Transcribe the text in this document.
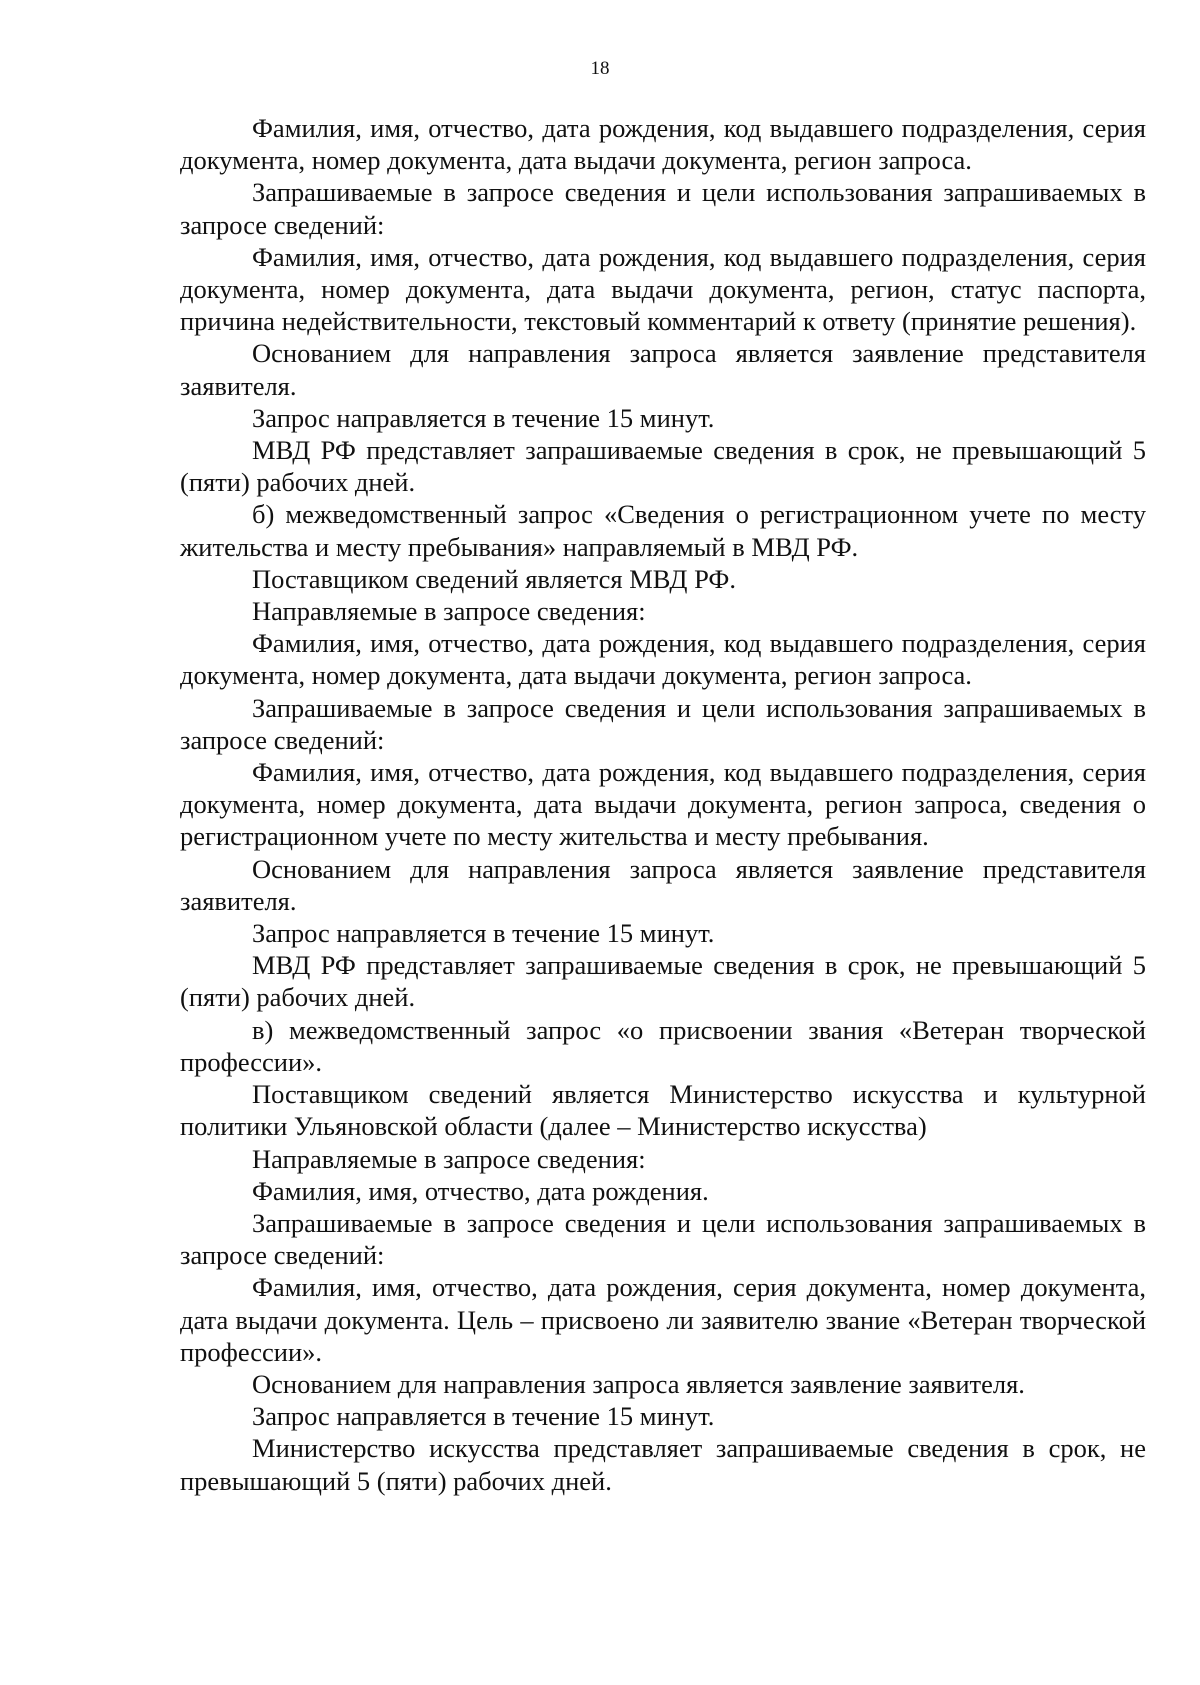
18

Фамилия, имя, отчество, дата рождения, код выдавшего подразделения, серия документа, номер документа, дата выдачи документа, регион запроса.

Запрашиваемые в запросе сведения и цели использования запрашиваемых в запросе сведений:

Фамилия, имя, отчество, дата рождения, код выдавшего подразделения, серия документа, номер документа, дата выдачи документа, регион, статус паспорта, причина недействительности, текстовый комментарий к ответу (принятие решения).

Основанием для направления запроса является заявление представителя заявителя.

Запрос направляется в течение 15 минут.

МВД РФ представляет запрашиваемые сведения в срок, не превышающий 5 (пяти) рабочих дней.

б) межведомственный запрос «Сведения о регистрационном учете по месту жительства и месту пребывания» направляемый в МВД РФ.

Поставщиком сведений является МВД РФ.

Направляемые в запросе сведения:

Фамилия, имя, отчество, дата рождения, код выдавшего подразделения, серия документа, номер документа, дата выдачи документа, регион запроса.

Запрашиваемые в запросе сведения и цели использования запрашиваемых в запросе сведений:

Фамилия, имя, отчество, дата рождения, код выдавшего подразделения, серия документа, номер документа, дата выдачи документа, регион запроса, сведения о регистрационном учете по месту жительства и месту пребывания.

Основанием для направления запроса является заявление представителя заявителя.

Запрос направляется в течение 15 минут.

МВД РФ представляет запрашиваемые сведения в срок, не превышающий 5 (пяти) рабочих дней.

в) межведомственный запрос «о присвоении звания «Ветеран творческой профессии».

Поставщиком сведений является Министерство искусства и культурной политики Ульяновской области (далее – Министерство искусства)

Направляемые в запросе сведения:

Фамилия, имя, отчество, дата рождения.

Запрашиваемые в запросе сведения и цели использования запрашиваемых в запросе сведений:

Фамилия, имя, отчество, дата рождения, серия документа, номер документа, дата выдачи документа. Цель – присвоено ли заявителю звание «Ветеран творческой профессии».

Основанием для направления запроса является заявление заявителя.

Запрос направляется в течение 15 минут.

Министерство искусства представляет запрашиваемые сведения в срок, не превышающий 5 (пяти) рабочих дней.
